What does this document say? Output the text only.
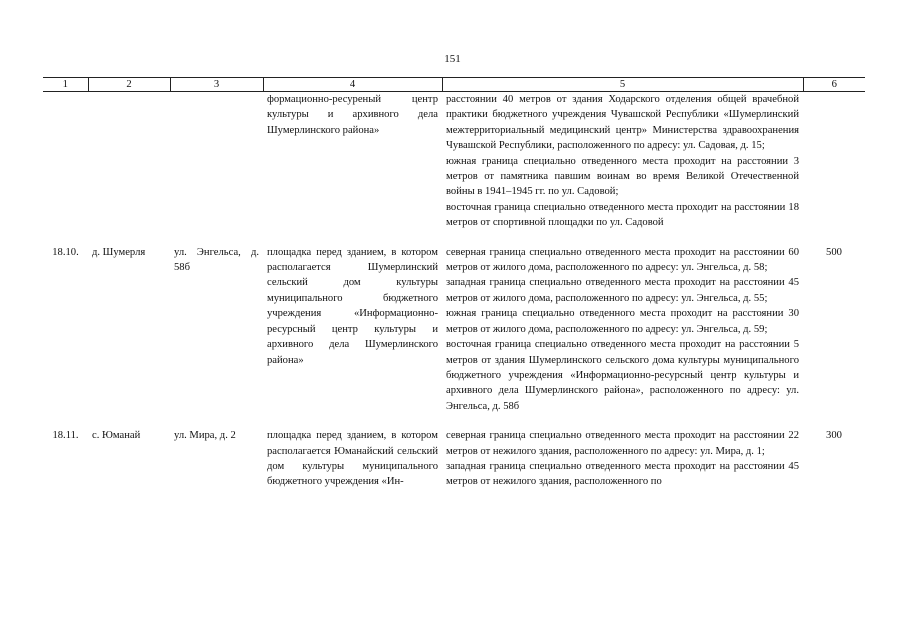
151
1	2	3	4	5	6
			формационно-ресуреный центр культуры и архивного дела Шумерлинского района»	расстоянии 40 метров от здания Ходарского отделения общей врачебной практики бюджетного учреждения Чувашской Республики «Шумерлинский межтерриториальный медицинский центр» Министерства здравоохранения Чувашской Республики, расположенного по адресу: ул. Садовая, д. 15;
южная граница специально отведенного места проходит на расстоянии 3 метров от памятника павшим воинам во время Великой Отечественной войны в 1941–1945 гг. по ул. Садовой;
восточная граница специально отведенного места проходит на расстоянии 18 метров от спортивной площадки по ул. Садовой	

18.10.	д. Шумерля	ул. Энгельса, д. 58б	площадка перед зданием, в котором располагается Шумерлинский сельский дом культуры муниципального бюджетного учреждения «Информационно-ресурсный центр культуры и архивного дела Шумерлинского района»	северная граница специально отведенного места проходит на расстоянии 60 метров от жилого дома, расположенного по адресу: ул. Энгельса, д. 58;
западная граница специально отведенного места проходит на расстоянии 45 метров от жилого дома, расположенного по адресу: ул. Энгельса, д. 55;
южная граница специально отведенного места проходит на расстоянии 30 метров от жилого дома, расположенного по адресу: ул. Энгельса, д. 59;
восточная граница специально отведенного места проходит на расстоянии 5 метров от здания Шумерлинского сельского дома культуры муниципального бюджетного учреждения «Информационно-ресурсный центр культуры и архивного дела Шумерлинского района», расположенного по адресу: ул. Энгельса, д. 58б	500

18.11.	с. Юманай	ул. Мира, д. 2	площадка перед зданием, в котором располагается Юманайский сельский дом культуры муниципального бюджетного учреждения «Ин-	северная граница специально отведенного места проходит на расстоянии 22 метров от нежилого здания, расположенного по адресу: ул. Мира, д. 1;
западная граница специально отведенного места проходит на расстоянии 45 метров от нежилого здания, расположенного по	300
